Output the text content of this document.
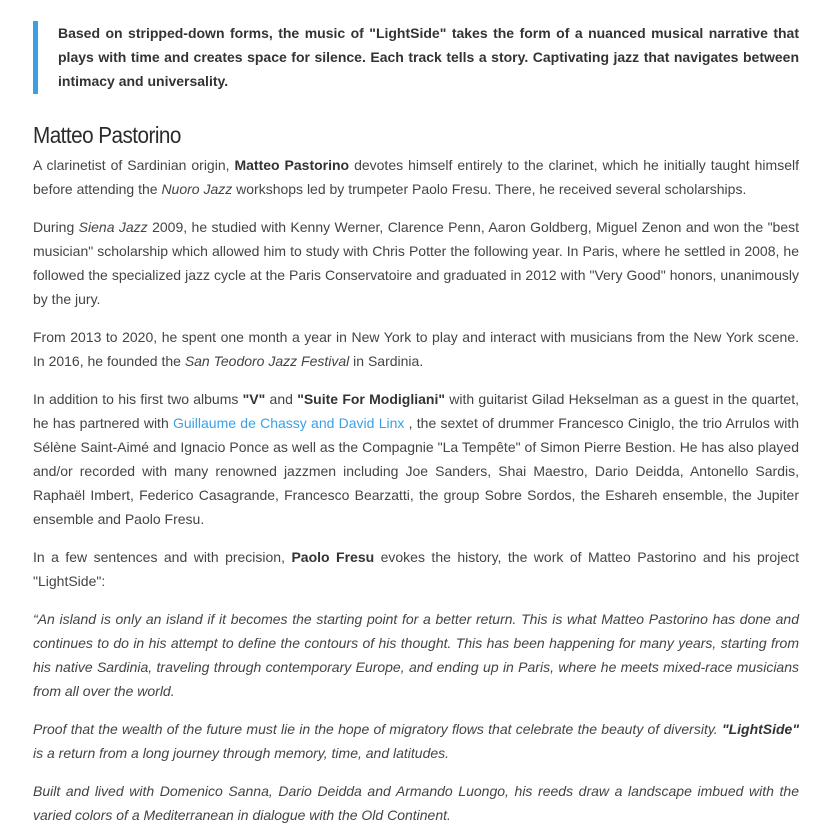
Based on stripped-down forms, the music of "LightSide" takes the form of a nuanced musical narrative that plays with time and creates space for silence. Each track tells a story. Captivating jazz that navigates between intimacy and universality.

Matteo Pastorino

A clarinetist of Sardinian origin, Matteo Pastorino devotes himself entirely to the clarinet, which he initially taught himself before attending the Nuoro Jazz workshops led by trumpeter Paolo Fresu. There, he received several scholarships.

During Siena Jazz 2009, he studied with Kenny Werner, Clarence Penn, Aaron Goldberg, Miguel Zenon and won the "best musician" scholarship which allowed him to study with Chris Potter the following year. In Paris, where he settled in 2008, he followed the specialized jazz cycle at the Paris Conservatoire and graduated in 2012 with "Very Good" honors, unanimously by the jury.

From 2013 to 2020, he spent one month a year in New York to play and interact with musicians from the New York scene. In 2016, he founded the San Teodoro Jazz Festival in Sardinia.

In addition to his first two albums "V" and "Suite For Modigliani" with guitarist Gilad Hekselman as a guest in the quartet, he has partnered with Guillaume de Chassy and David Linx , the sextet of drummer Francesco Ciniglo, the trio Arrulos with Sélène Saint-Aimé and Ignacio Ponce as well as the Compagnie "La Tempête" of Simon Pierre Bestion. He has also played and/or recorded with many renowned jazzmen including Joe Sanders, Shai Maestro, Dario Deidda, Antonello Sardis, Raphaël Imbert, Federico Casagrande, Francesco Bearzatti, the group Sobre Sordos, the Eshareh ensemble, the Jupiter ensemble and Paolo Fresu.

In a few sentences and with precision, Paolo Fresu evokes the history, the work of Matteo Pastorino and his project "LightSide":

“An island is only an island if it becomes the starting point for a better return. This is what Matteo Pastorino has done and continues to do in his attempt to define the contours of his thought. This has been happening for many years, starting from his native Sardinia, traveling through contemporary Europe, and ending up in Paris, where he meets mixed-race musicians from all over the world.

Proof that the wealth of the future must lie in the hope of migratory flows that celebrate the beauty of diversity. "LightSide" is a return from a long journey through memory, time, and latitudes.

Built and lived with Domenico Sanna, Dario Deidda and Armando Luongo, his reeds draw a landscape imbued with the varied colors of a Mediterranean in dialogue with the Old Continent.
